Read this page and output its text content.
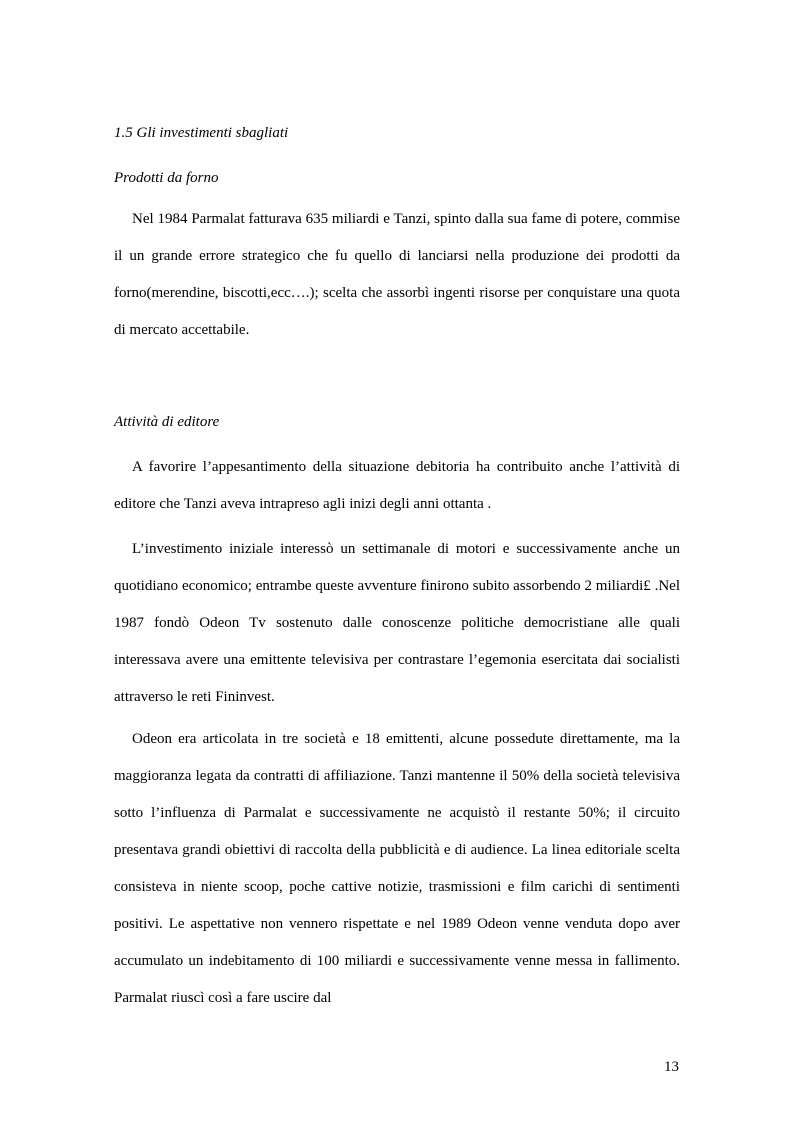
1.5 Gli investimenti sbagliati
Prodotti da forno

Nel 1984 Parmalat fatturava 635 miliardi e Tanzi, spinto dalla sua fame di potere, commise il un grande errore strategico che fu quello di lanciarsi nella produzione dei prodotti da forno(merendine, biscotti,ecc….); scelta che assorbì ingenti risorse per conquistare una quota di mercato accettabile.

Attività di editore

A favorire l’appesantimento della situazione debitoria ha contribuito anche l’attività di editore che Tanzi aveva intrapreso agli inizi degli anni ottanta .

L’investimento iniziale interessò un settimanale di motori e successivamente anche un quotidiano economico; entrambe queste avventure finirono subito assorbendo 2 miliardi£ .Nel 1987 fondò Odeon Tv sostenuto dalle conoscenze politiche democristiane alle quali interessava avere una emittente televisiva per contrastare l’egemonia esercitata dai socialisti attraverso le reti Fininvest.

Odeon era articolata in tre società e 18 emittenti, alcune possedute direttamente, ma la maggioranza legata da contratti di affiliazione. Tanzi mantenne il 50% della società televisiva sotto l’influenza di Parmalat e successivamente ne acquistò il restante 50%; il circuito presentava grandi obiettivi di raccolta della pubblicità e di audience. La linea editoriale scelta consisteva in niente scoop, poche cattive notizie, trasmissioni e film carichi di sentimenti positivi. Le aspettative non vennero rispettate e nel 1989 Odeon venne venduta dopo aver accumulato un indebitamento di 100 miliardi e successivamente venne messa in fallimento. Parmalat riuscì così a fare uscire dal

13
